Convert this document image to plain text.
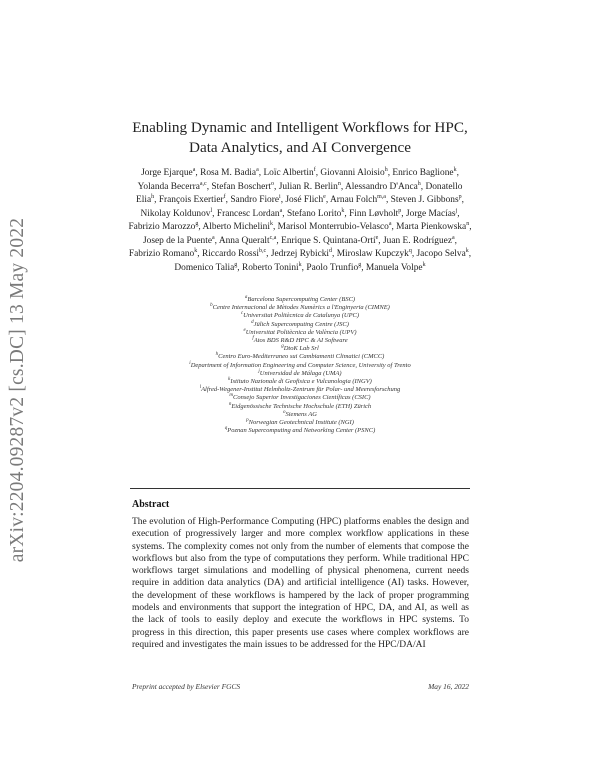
arXiv:2204.09287v2 [cs.DC] 13 May 2022
Enabling Dynamic and Intelligent Workflows for HPC,
Data Analytics, and AI Convergence
Jorge Ejarque$^a$, Rosa M. Badia$^a$, Loïc Albertin$^f$, Giovanni Aloisio$^h$, Enrico Baglione$^k$, Yolanda Becerra$^{a,c}$, Stefan Boschert$^o$, Julian R. Berlin$^n$, Alessandro D'Anca$^h$, Donatello Elia$^h$, François Exertier$^f$, Sandro Fiore$^i$, José Flich$^e$, Arnau Folch$^{m,a}$, Steven J. Gibbons$^p$, Nikolay Koldunov$^l$, Francesc Lordan$^a$, Stefano Lorito$^k$, Finn Løvholt$^p$, Jorge Macías$^j$, Fabrizio Marozzo$^g$, Alberto Michelini$^k$, Marisol Monterrubio-Velasco$^a$, Marta Pienkowska$^n$, Josep de la Puente$^a$, Anna Queralt$^{c,a}$, Enrique S. Quintana-Ortí$^e$, Juan E. Rodríguez$^a$, Fabrizio Romano$^k$, Riccardo Rossi$^{b,c}$, Jedrzej Rybicki$^d$, Miroslaw Kupczyk$^q$, Jacopo Selva$^k$, Domenico Talia$^g$, Roberto Tonini$^k$, Paolo Trunfio$^g$, Manuela Volpe$^k$
$^a$Barcelona Supercomputing Center (BSC)
$^b$Centre Internacional de Mètodes Numèrics a l'Enginyeria (CIMNE)
$^c$Universitat Politècnica de Catalunya (UPC)
$^d$Jülich Supercomputing Centre (JSC)
$^e$Universitat Politècnica de València (UPV)
$^f$Atos BDS R&D HPC & AI Software
$^g$DtoK Lab Srl
$^h$Centro Euro-Mediterraneo sui Cambiamenti Climatici (CMCC)
$^i$Department of Information Engineering and Computer Science, University of Trento
$^j$Universidad de Málaga (UMA)
$^k$Istituto Nazionale di Geofisica e Vulcanologia (INGV)
$^l$Alfred-Wegener-Institut Helmholtz-Zentrum für Polar- und Meeresforschung
$^m$Consejo Superior Investigaciones Científicas (CSIC)
$^n$Eidgenössische Technische Hochschule (ETH) Zürich
$^o$Siemens AG
$^p$Norwegian Geotechnical Institute (NGI)
$^q$Poznan Supercomputing and Networking Center (PSNC)
Abstract
The evolution of High-Performance Computing (HPC) platforms enables the design and execution of progressively larger and more complex workflow applications in these systems. The complexity comes not only from the number of elements that compose the workflows but also from the type of computations they perform. While traditional HPC workflows target simulations and modelling of physical phenomena, current needs require in addition data analytics (DA) and artificial intelligence (AI) tasks. However, the development of these workflows is hampered by the lack of proper programming models and environments that support the integration of HPC, DA, and AI, as well as the lack of tools to easily deploy and execute the workflows in HPC systems. To progress in this direction, this paper presents use cases where complex workflows are required and investigates the main issues to be addressed for the HPC/DA/AI
Preprint accepted by Elsevier FGCS	May 16, 2022
